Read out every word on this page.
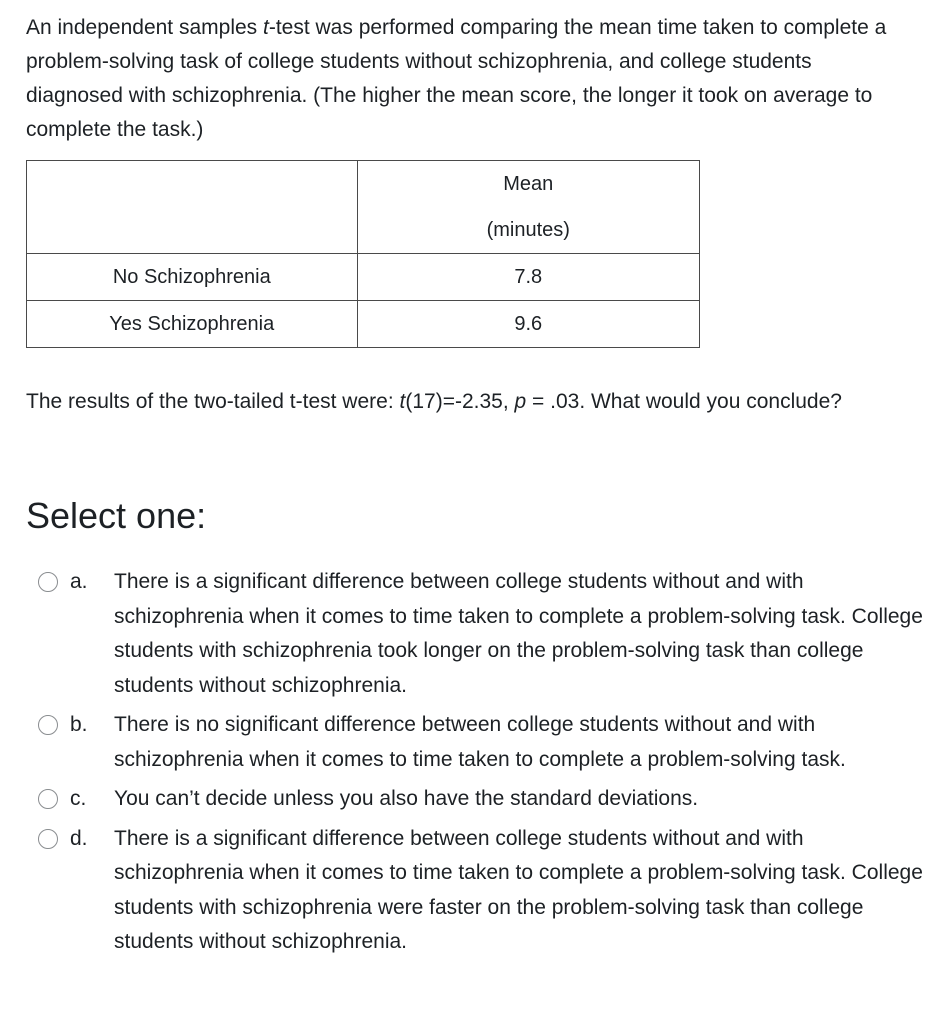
An independent samples t-test was performed comparing the mean time taken to complete a problem-solving task of college students without schizophrenia, and college students diagnosed with schizophrenia. (The higher the mean score, the longer it took on average to complete the task.)

	Mean
(minutes)

No Schizophrenia	7.8
Yes Schizophrenia	9.6
The results of the two-tailed t-test were: t(17)=-2.35, p = .03. What would you conclude?
Select one:
a.	There is a significant difference between college students without and with schizophrenia when it comes to time taken to complete a problem-solving task. College students with schizophrenia took longer on the problem-solving task than college students without schizophrenia.
b.	There is no significant difference between college students without and with schizophrenia when it comes to time taken to complete a problem-solving task.
c.	You can’t decide unless you also have the standard deviations.
d.	There is a significant difference between college students without and with schizophrenia when it comes to time taken to complete a problem-solving task. College students with schizophrenia were faster on the problem-solving task than college students without schizophrenia.
